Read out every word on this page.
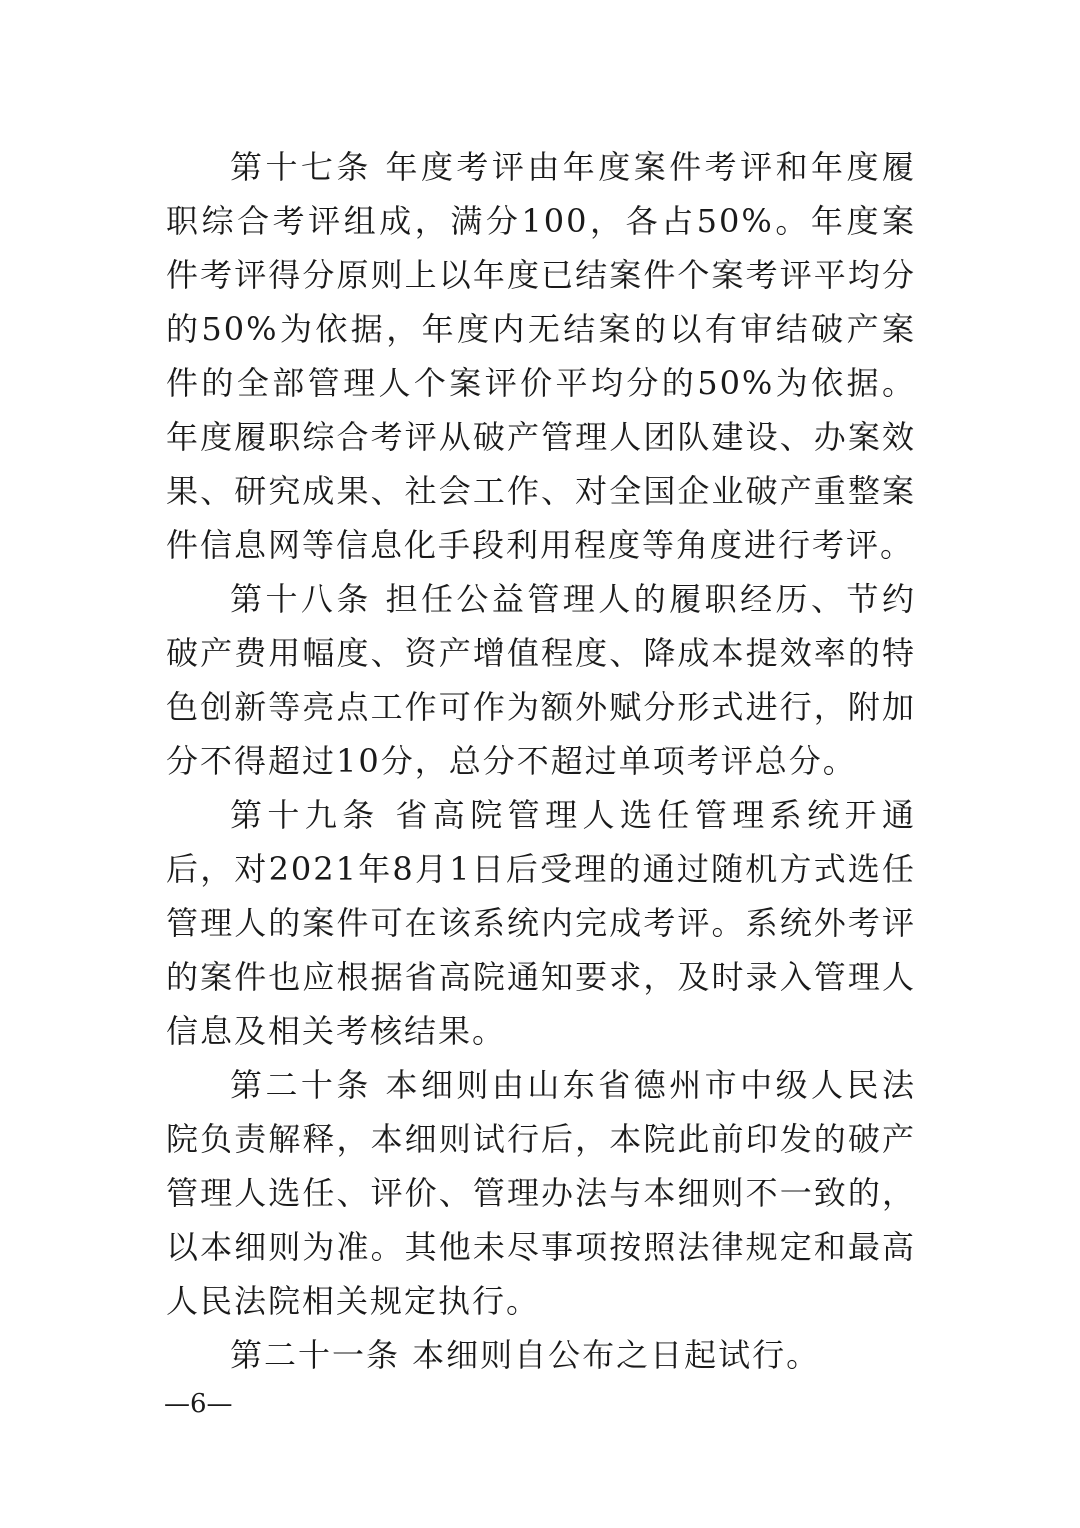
第十七条 年度考评由年度案件考评和年度履职综合考评组成，满分100，各占50%。年度案件考评得分原则上以年度已结案件个案考评平均分的50%为依据，年度内无结案的以有审结破产案件的全部管理人个案评价平均分的50%为依据。年度履职综合考评从破产管理人团队建设、办案效果、研究成果、社会工作、对全国企业破产重整案件信息网等信息化手段利用程度等角度进行考评。

第十八条 担任公益管理人的履职经历、节约破产费用幅度、资产增值程度、降成本提效率的特色创新等亮点工作可作为额外赋分形式进行，附加分不得超过10分，总分不超过单项考评总分。

第十九条 省高院管理人选任管理系统开通后，对2021年8月1日后受理的通过随机方式选任管理人的案件可在该系统内完成考评。系统外考评的案件也应根据省高院通知要求，及时录入管理人信息及相关考核结果。

第二十条 本细则由山东省德州市中级人民法院负责解释，本细则试行后，本院此前印发的破产管理人选任、评价、管理办法与本细则不一致的，以本细则为准。其他未尽事项按照法律规定和最高人民法院相关规定执行。

第二十一条 本细则自公布之日起试行。

—6—
